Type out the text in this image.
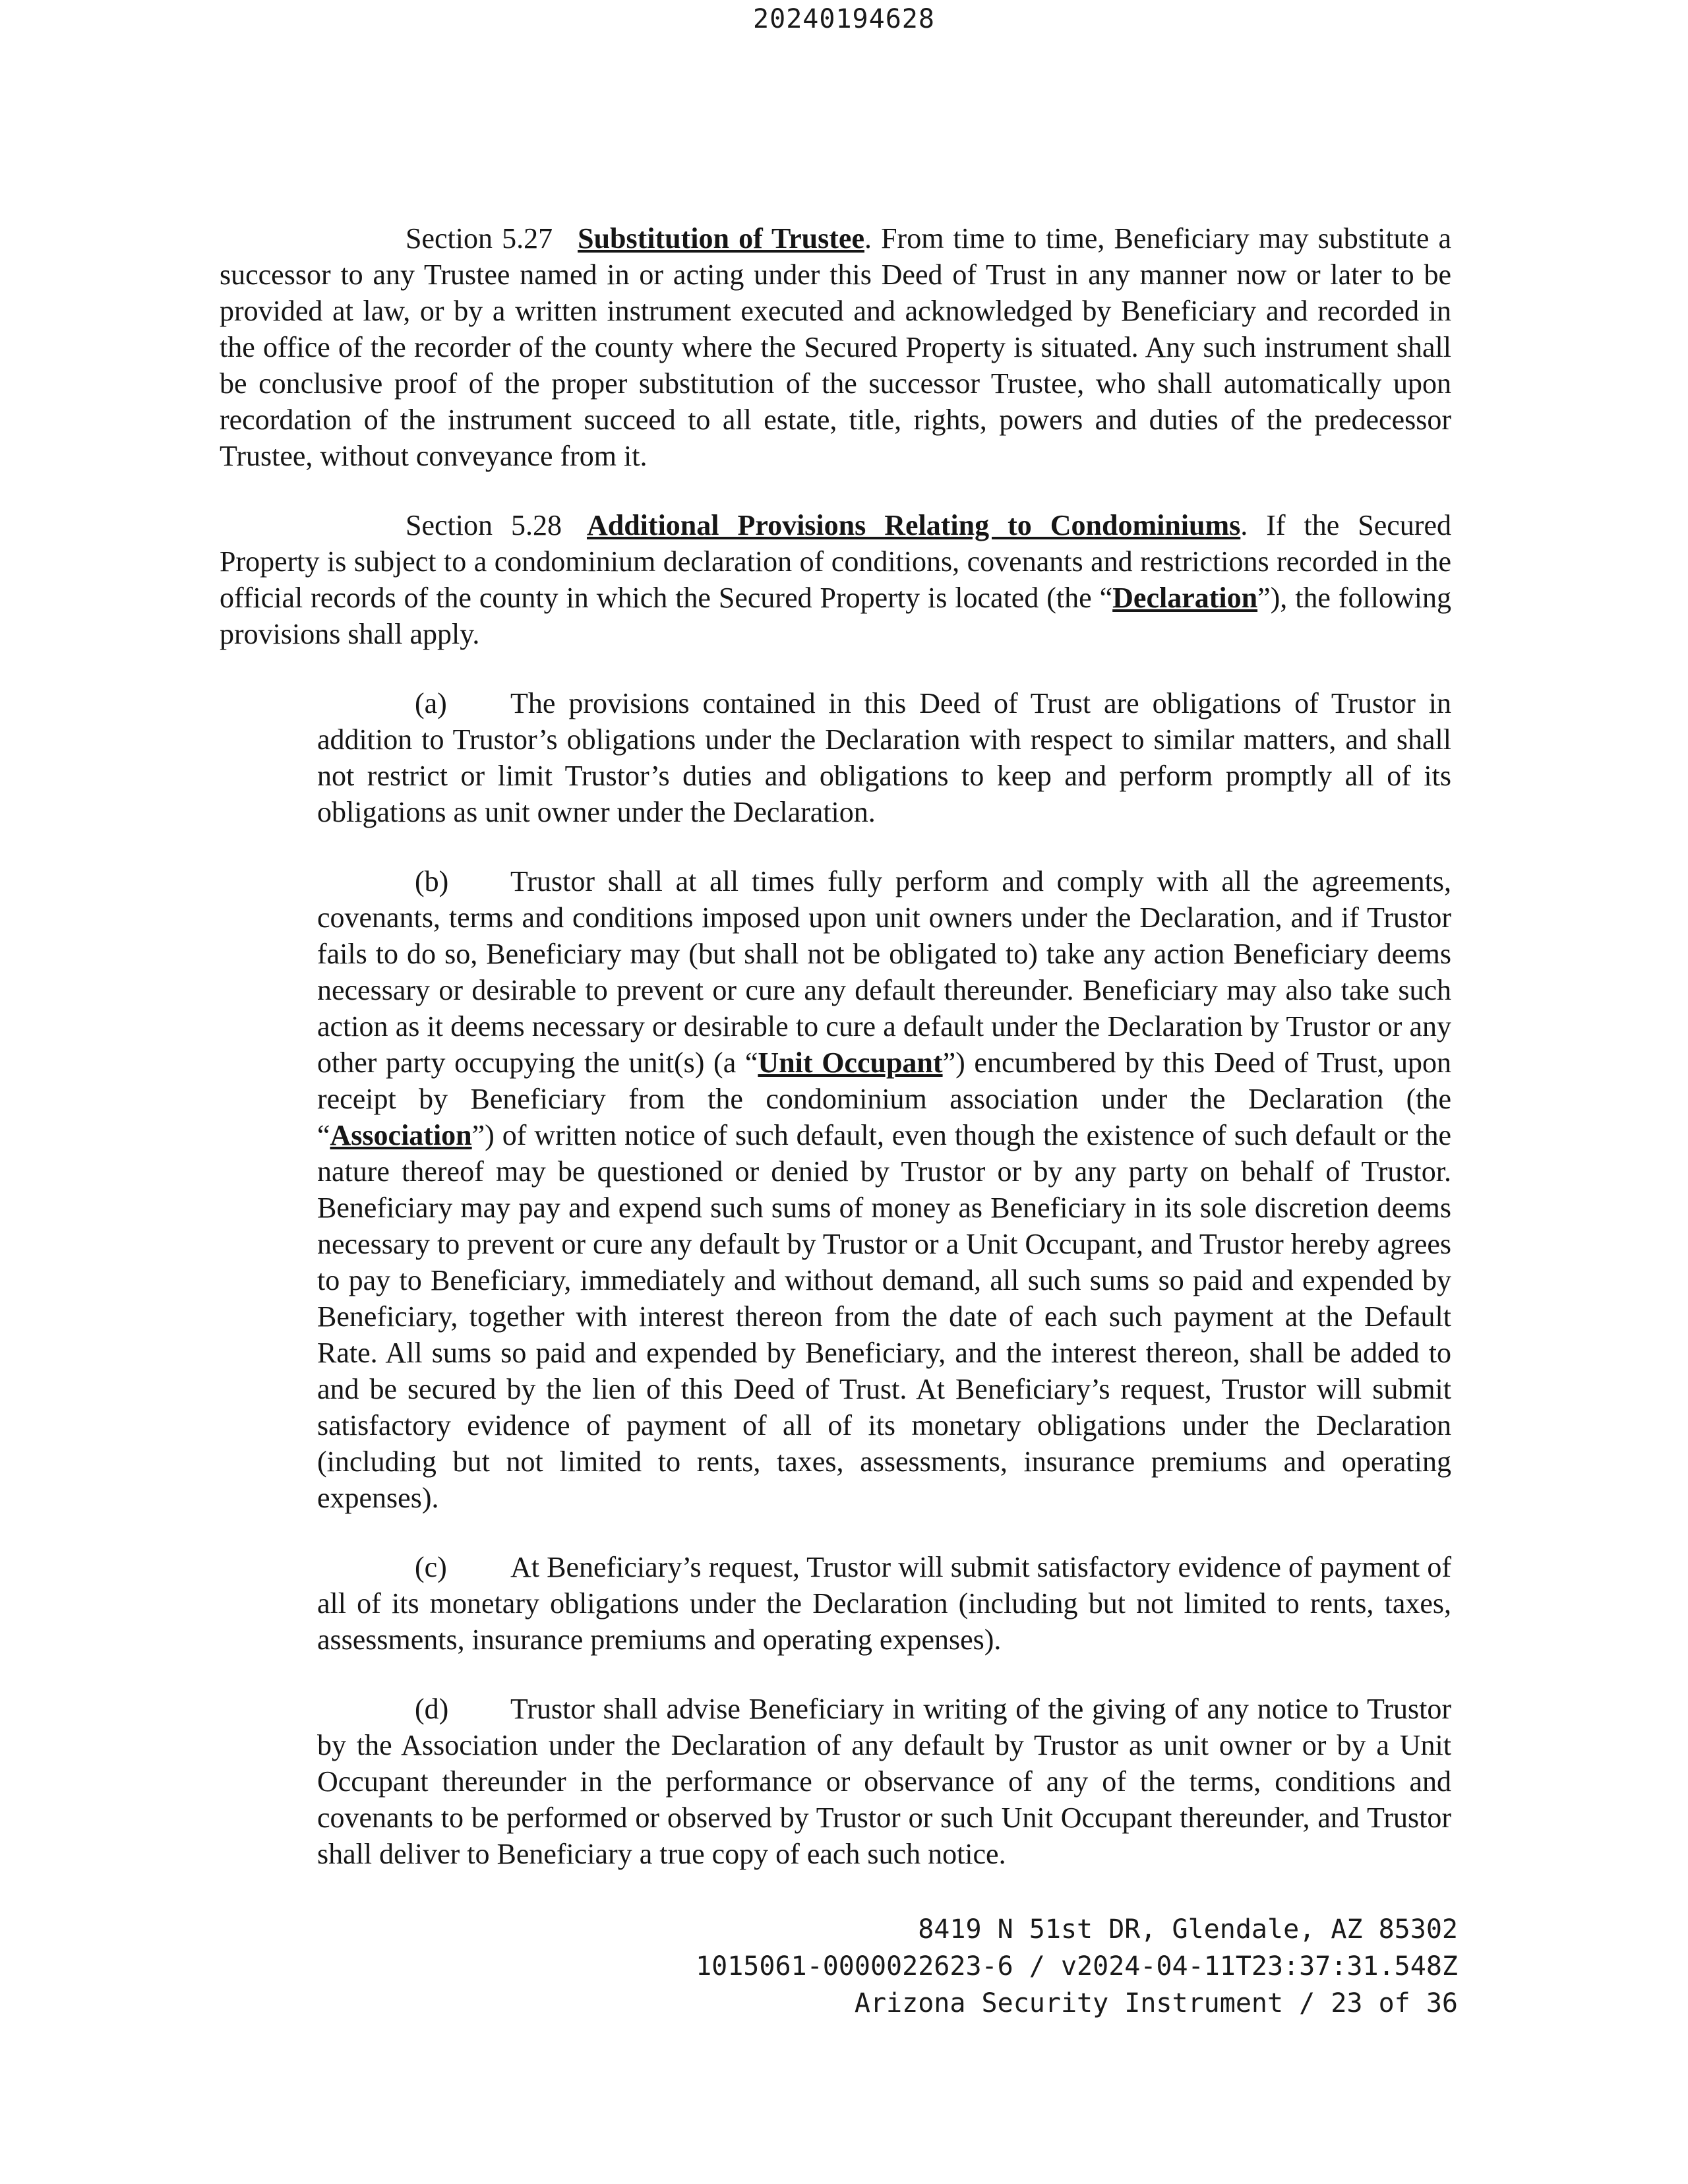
20240194628

Section 5.27 Substitution of Trustee. From time to time, Beneficiary may substitute a successor to any Trustee named in or acting under this Deed of Trust in any manner now or later to be provided at law, or by a written instrument executed and acknowledged by Beneficiary and recorded in the office of the recorder of the county where the Secured Property is situated. Any such instrument shall be conclusive proof of the proper substitution of the successor Trustee, who shall automatically upon recordation of the instrument succeed to all estate, title, rights, powers and duties of the predecessor Trustee, without conveyance from it.

Section 5.28 Additional Provisions Relating to Condominiums. If the Secured Property is subject to a condominium declaration of conditions, covenants and restrictions recorded in the official records of the county in which the Secured Property is located (the “Declaration”), the following provisions shall apply.

(a) The provisions contained in this Deed of Trust are obligations of Trustor in addition to Trustor’s obligations under the Declaration with respect to similar matters, and shall not restrict or limit Trustor’s duties and obligations to keep and perform promptly all of its obligations as unit owner under the Declaration.

(b) Trustor shall at all times fully perform and comply with all the agreements, covenants, terms and conditions imposed upon unit owners under the Declaration, and if Trustor fails to do so, Beneficiary may (but shall not be obligated to) take any action Beneficiary deems necessary or desirable to prevent or cure any default thereunder. Beneficiary may also take such action as it deems necessary or desirable to cure a default under the Declaration by Trustor or any other party occupying the unit(s) (a “Unit Occupant”) encumbered by this Deed of Trust, upon receipt by Beneficiary from the condominium association under the Declaration (the “Association”) of written notice of such default, even though the existence of such default or the nature thereof may be questioned or denied by Trustor or by any party on behalf of Trustor. Beneficiary may pay and expend such sums of money as Beneficiary in its sole discretion deems necessary to prevent or cure any default by Trustor or a Unit Occupant, and Trustor hereby agrees to pay to Beneficiary, immediately and without demand, all such sums so paid and expended by Beneficiary, together with interest thereon from the date of each such payment at the Default Rate. All sums so paid and expended by Beneficiary, and the interest thereon, shall be added to and be secured by the lien of this Deed of Trust. At Beneficiary’s request, Trustor will submit satisfactory evidence of payment of all of its monetary obligations under the Declaration (including but not limited to rents, taxes, assessments, insurance premiums and operating expenses).

(c) At Beneficiary’s request, Trustor will submit satisfactory evidence of payment of all of its monetary obligations under the Declaration (including but not limited to rents, taxes, assessments, insurance premiums and operating expenses).

(d) Trustor shall advise Beneficiary in writing of the giving of any notice to Trustor by the Association under the Declaration of any default by Trustor as unit owner or by a Unit Occupant thereunder in the performance or observance of any of the terms, conditions and covenants to be performed or observed by Trustor or such Unit Occupant thereunder, and Trustor shall deliver to Beneficiary a true copy of each such notice.

8419 N 51st DR, Glendale, AZ 85302
1015061-0000022623-6 / v2024-04-11T23:37:31.548Z
Arizona Security Instrument / 23 of 36
